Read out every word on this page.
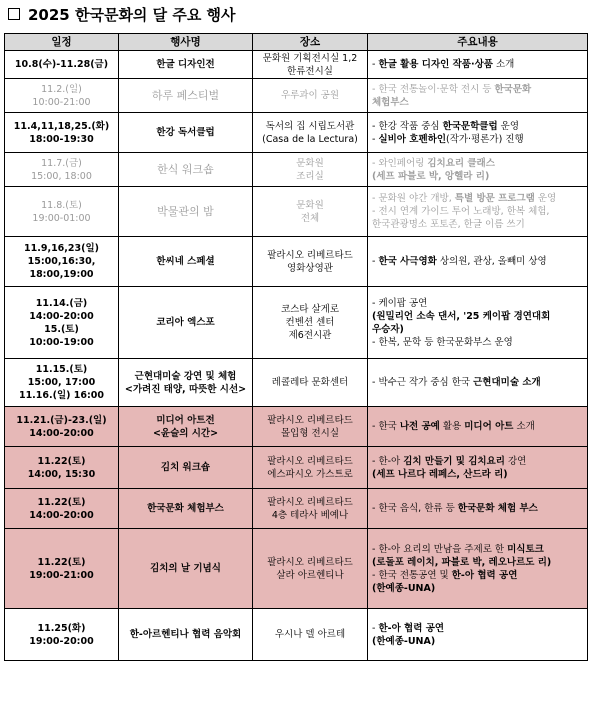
2025 한국문화의 달 주요 행사
일정	행사명	장소	주요내용

10.8(수)-11.28(금)	한글 디자인전	문화원 기획전시실 1,2
한류전시실	- 한글 활용 디자인 작품·상품 소개

11.2.(일)
10:00-21:00	하루 페스티벌	우루과이 공원	- 한국 전통놀이·문학 전시 등 한국문화
체험부스

11.4,11,18,25.(화)
18:00-19:30	한강 독서클럽	독서의 집 시립도서관
(Casa de la Lectura)	- 한강 작품 중심 한국문학클럽 운영
- 실비아 호펜하인(작가·평론가) 진행

11.7.(금)
15:00, 18:00	한식 워크숍	문화원
조리실	- 와인페어링 김치요리 클래스
(세프 파블로 박, 앙헬라 리)

11.8.(토)
19:00-01:00	박물관의 밤	문화원
전체	- 문화원 야간 개방, 특별 방문 프로그램 운영
- 전시 연계 가이드 투어 노래방, 한복 체험,
한국관광명소 포토존, 한글 이름 쓰기

11.9,16,23(일)
15:00,16:30,
18:00,19:00	한씨네 스페셜	팔라시오 리베르타드
영화상영관	- 한국 사극영화 상의원, 관상, 올빼미 상영

11.14.(금)
14:00-20:00
15.(토)
10:00-19:00	코리아 엑스포	코스타 살게로
컨벤션 센터
제6전시관	- 케이팝 공연
(원밀리언 소속 댄서, '25 케이팝 경연대회
우승자)
- 한복, 문학 등 한국문화부스 운영

11.15.(토)
15:00, 17:00
11.16.(일) 16:00	근현대미술 강연 및 체험
<가려진 태양, 따뜻한 시선>	레콜레타 문화센터	- 박수근 작가 중심 한국 근현대미술 소개

11.21.(금)-23.(일)
14:00-20:00	미디어 아트전
<윤슬의 시간>	팔라시오 리베르타드
몰입형 전시실	- 한국 나전 공예 활용 미디어 아트 소개

11.22(토)
14:00, 15:30	김치 워크숍	팔라시오 리베르타드
에스파시오 가스트로	- 한-아 김치 만들기 및 김치요리 강연
(세프 나르다 레페스, 산드라 리)

11.22(토)
14:00-20:00	한국문화 체험부스	팔라시오 리베르타드
4층 테라사 베예나	- 한국 음식, 한류 등 한국문화 체험 부스

11.22(토)
19:00-21:00	김치의 날 기념식	팔라시오 리베르타드
살라 아르헨티나	- 한-아 요리의 만남을 주제로 한 미식토크
(로돌포 레이치, 파블로 박, 레오나르도 리)
- 한국 전통공연 및 한-아 협력 공연
(한예종-UNA)

11.25(화)
19:00-20:00	한-아르헨티나 협력 음악회	우시나 델 아르테	- 한-아 협력 공연
(한예종-UNA)
